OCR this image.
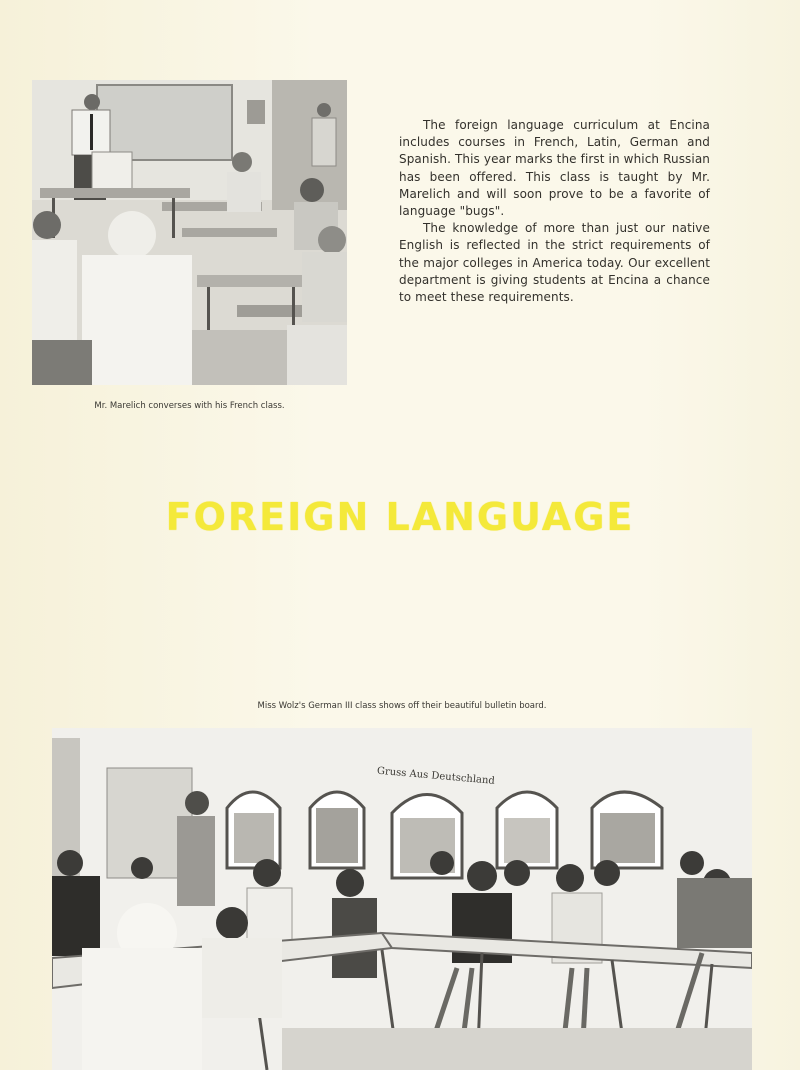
Mr. Marelich converses with his French class.

The foreign language curriculum at Encina includes courses in French, Latin, German and Spanish. This year marks the first in which Russian has been offered. This class is taught by Mr. Marelich and will soon prove to be a favorite of language "bugs".

The knowledge of more than just our native English is reflected in the strict requirements of the major colleges in America today. Our excellent department is giving students at Encina a chance to meet these requirements.

FOREIGN LANGUAGE
Miss Wolz's German III class shows off their beautiful bulletin board.
Gruss Aus Deutschland
